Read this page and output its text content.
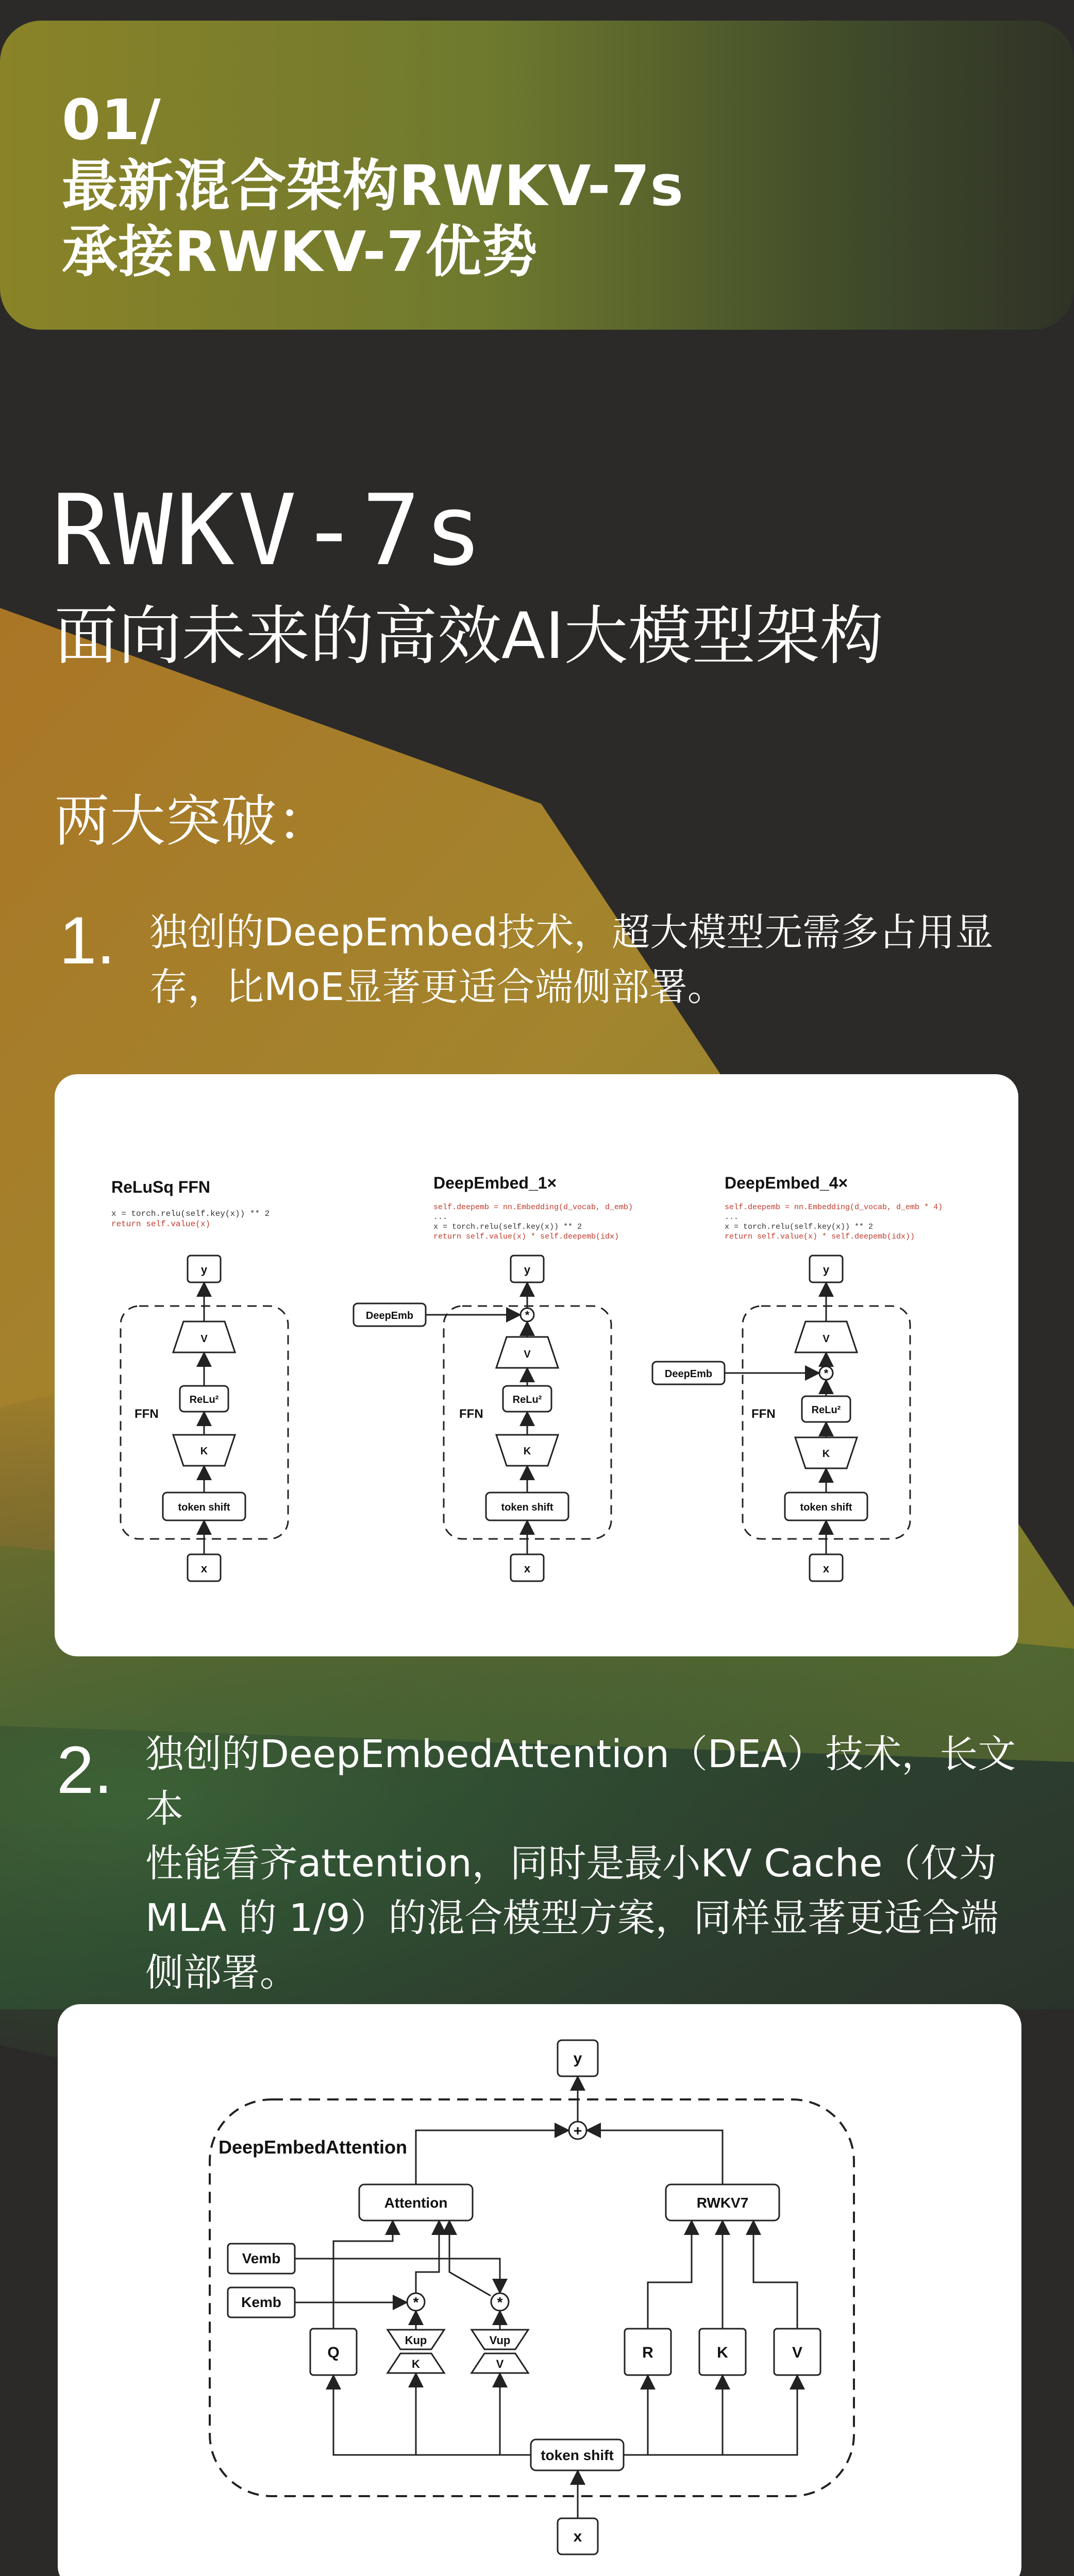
01/
最新混合架构RWKV-7s
承接RWKV-7优势
RWKV-7s
面向未来的高效AI大模型架构
两大突破：
1. 独创的DeepEmbed技术，超大模型无需多占用显
存，比MoE显著更适合端侧部署。
ReLuSq FFN
x = torch.relu(self.key(x)) ** 2
return self.value(x)
FFN
y
V
ReLu²
K
token shift
x
DeepEmbed_1×
self.deepemb = nn.Embedding(d_vocab, d_emb)
...
x = torch.relu(self.key(x)) ** 2
return self.value(x) * self.deepemb(idx)
FFN
DeepEmb	*
y
V
ReLu²
K
token shift
x
DeepEmbed_4×
self.deepemb = nn.Embedding(d_vocab, d_emb * 4)
...
x = torch.relu(self.key(x)) ** 2
return self.value(x) * self.deepemb(idx))
FFN
DeepEmb	*
y
V
ReLu²
K
token shift
x
2. 独创的DeepEmbedAttention（DEA）技术，长文本
性能看齐attention，同时是最小KV Cache（仅为
MLA 的 1/9）的混合模型方案，同样显著更适合端
侧部署。
DeepEmbedAttention
y
+
Attention	RWKV7
Vemb
Kemb	*	*
Q
Kup
K
Vup
V
R	K	V
token shift
x
